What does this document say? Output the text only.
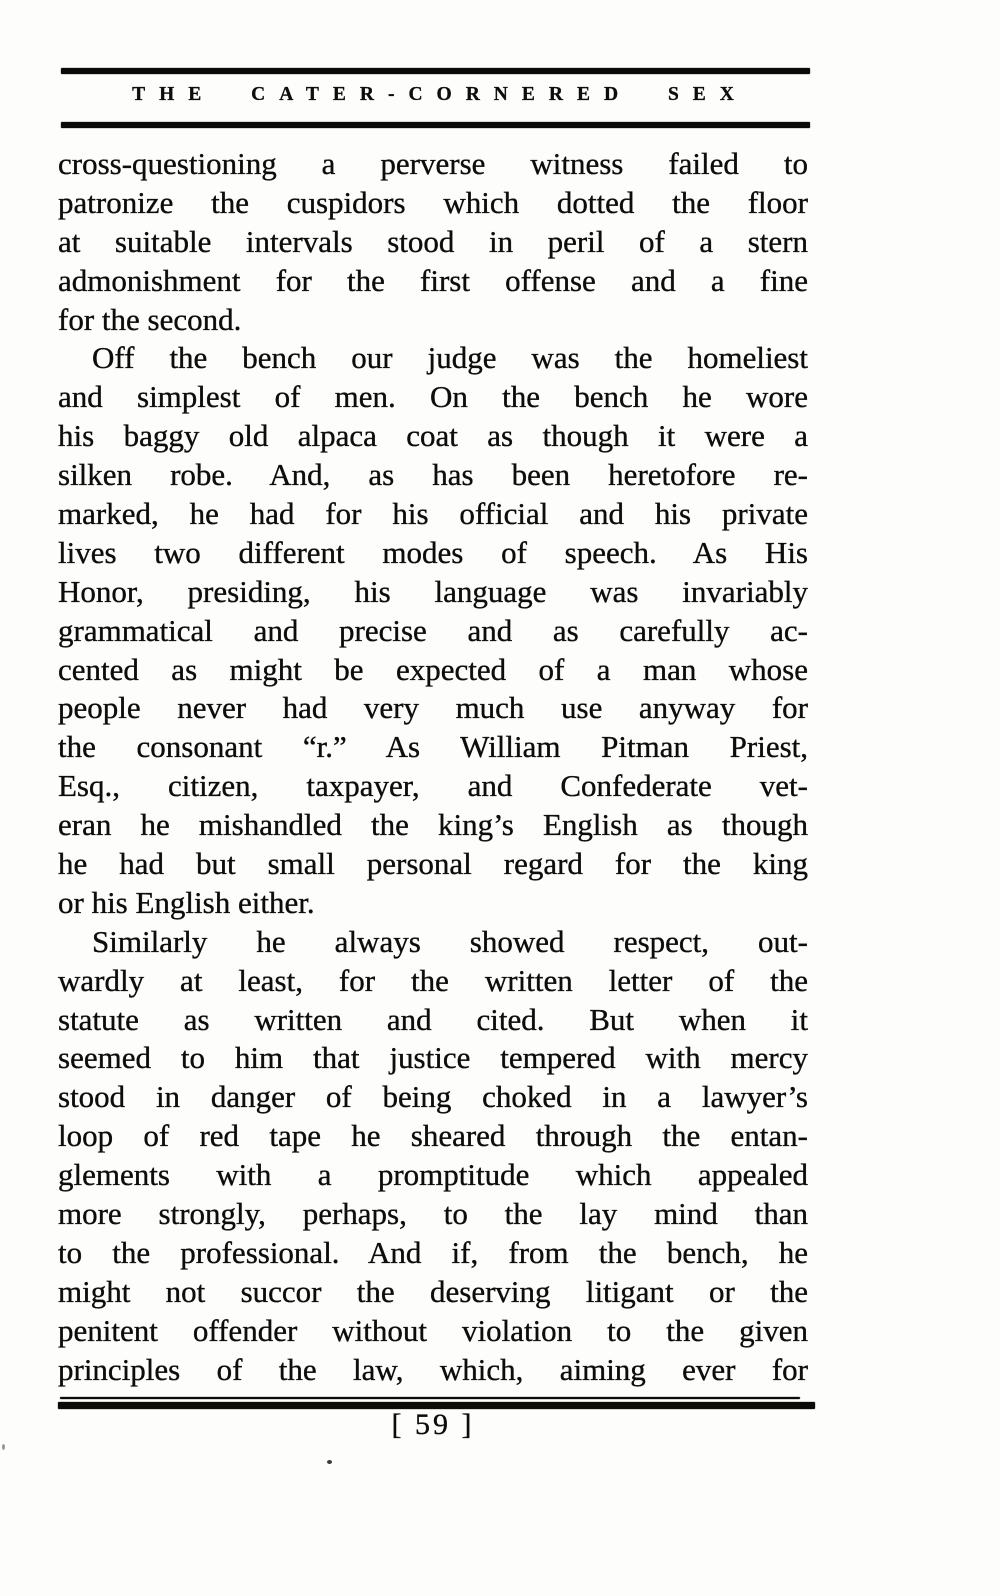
THE CATER-CORNERED SEX
cross-questioning a perverse witness failed to
patronize the cuspidors which dotted the floor
at suitable intervals stood in peril of a stern
admonishment for the first offense and a fine
for the second.
Off the bench our judge was the homeliest
and simplest of men. On the bench he wore
his baggy old alpaca coat as though it were a
silken robe. And, as has been heretofore re-
marked, he had for his official and his private
lives two different modes of speech. As His
Honor, presiding, his language was invariably
grammatical and precise and as carefully ac-
cented as might be expected of a man whose
people never had very much use anyway for
the consonant “r.” As William Pitman Priest,
Esq., citizen, taxpayer, and Confederate vet-
eran he mishandled the king’s English as though
he had but small personal regard for the king
or his English either.
Similarly he always showed respect, out-
wardly at least, for the written letter of the
statute as written and cited. But when it
seemed to him that justice tempered with mercy
stood in danger of being choked in a lawyer’s
loop of red tape he sheared through the entan-
glements with a promptitude which appealed
more strongly, perhaps, to the lay mind than
to the professional. And if, from the bench, he
might not succor the deserving litigant or the
penitent offender without violation to the given
principles of the law, which, aiming ever for
[ 59 ]
